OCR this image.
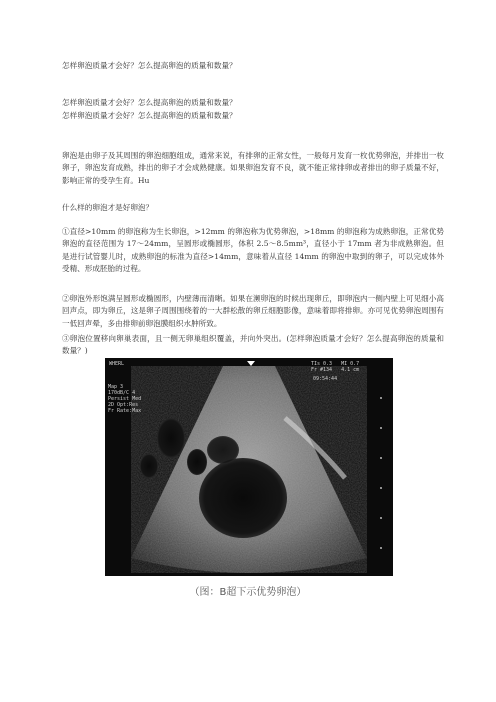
怎样卵泡质量才会好？怎么提高卵泡的质量和数量？
怎样卵泡质量才会好？怎么提高卵泡的质量和数量？
怎样卵泡质量才会好？怎么提高卵泡的质量和数量？
卵泡是由卵子及其周围的卵泡细胞组成，通常来说，有排卵的正常女性，一般每月发育一枚优势卵泡，并排出一枚卵子，卵泡发育成熟，排出的卵子才会成熟健康。如果卵泡发育不良，就不能正常排卵或者排出的卵子质量不好，影响正常的受孕生育。Hu
什么样的卵泡才是好卵泡？
①直径>10mm 的卵泡称为生长卵泡，>12mm 的卵泡称为优势卵泡，>18mm 的卵泡称为成熟卵泡，正常优势卵泡的直径范围为 17～24mm，呈圆形或椭圆形，体积 2.5～8.5mm³，直径小于 17mm 者为非成熟卵泡。但是进行试管婴儿时，成熟卵泡的标准为直径>14mm，意味着从直径 14mm 的卵泡中取到的卵子，可以完成体外受精、形成胚胎的过程。
②卵泡外形饱满呈圆形或椭圆形，内壁薄而清晰。如果在濒卵泡的时候出现卵丘，即卵泡内一侧内壁上可见细小高回声点，即为卵丘，这是卵子周围围绕着的一大群松散的卵丘细胞影像，意味着即将排卵。亦可见优势卵泡周围有一低回声晕，多由排卵前卵泡膜组织水肿所致。
③卵泡位置移向卵巢表面，且一侧无卵巢组织覆盖，并向外突出。(怎样卵泡质量才会好？怎么提高卵泡的质量和数量？)
WHERL	TIs 0.3   MI 0.7
Fr #134   4.1 cm
09:54:44
Map 3
170dB/C 4
Persist Med
2D Opt:Res
Fr Rate:Max
（图：B超下示优势卵泡）
